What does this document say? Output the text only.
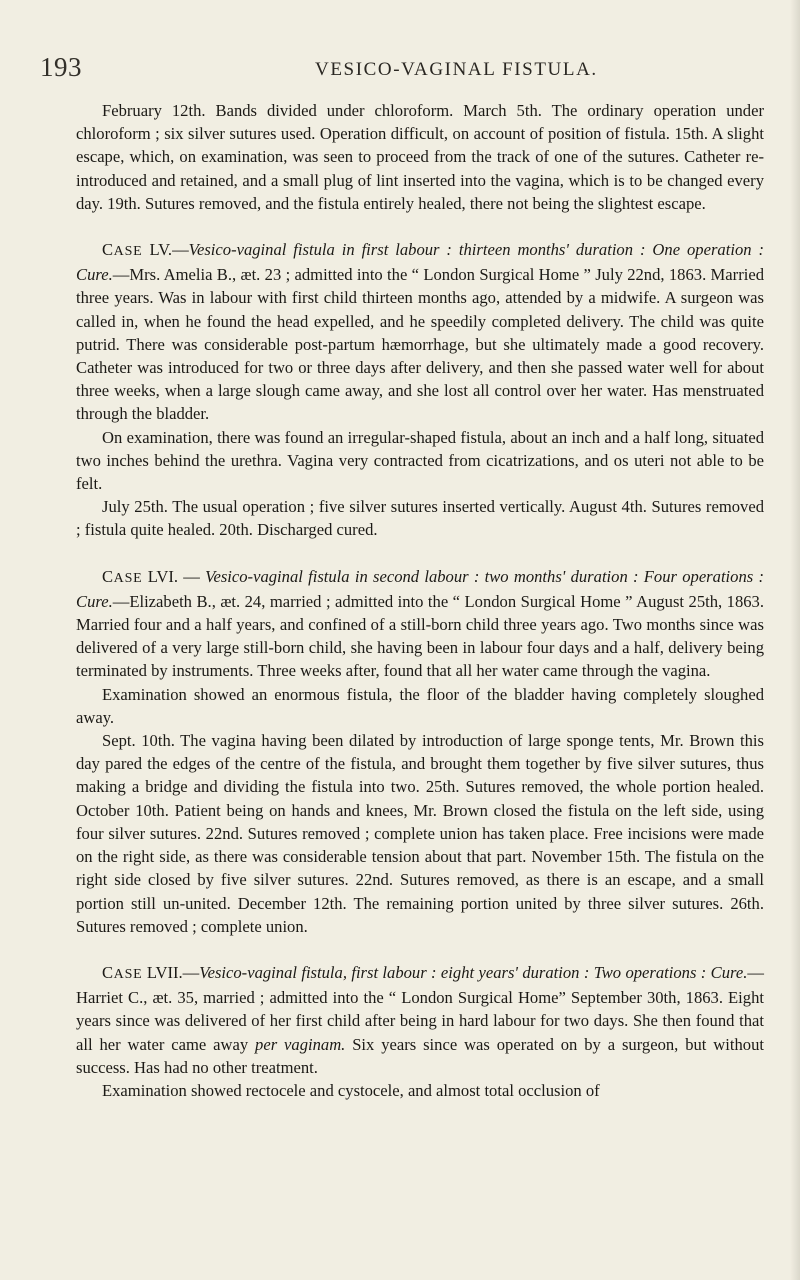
193	VESICO-VAGINAL FISTULA.

February 12th. Bands divided under chloroform. March 5th. The ordinary operation under chloroform ; six silver sutures used. Operation difficult, on account of position of fistula. 15th. A slight escape, which, on examination, was seen to proceed from the track of one of the sutures. Catheter re-introduced and retained, and a small plug of lint inserted into the vagina, which is to be changed every day. 19th. Sutures removed, and the fistula entirely healed, there not being the slightest escape.

CASE LV.—Vesico-vaginal fistula in first labour : thirteen months' duration : One operation : Cure.—Mrs. Amelia B., æt. 23 ; admitted into the “ London Surgical Home ” July 22nd, 1863. Married three years. Was in labour with first child thirteen months ago, attended by a midwife. A surgeon was called in, when he found the head expelled, and he speedily completed delivery. The child was quite putrid. There was considerable post-partum hæmorrhage, but she ultimately made a good recovery. Catheter was introduced for two or three days after delivery, and then she passed water well for about three weeks, when a large slough came away, and she lost all control over her water. Has menstruated through the bladder.

On examination, there was found an irregular-shaped fistula, about an inch and a half long, situated two inches behind the urethra. Vagina very contracted from cicatrizations, and os uteri not able to be felt.

July 25th. The usual operation ; five silver sutures inserted vertically. August 4th. Sutures removed ; fistula quite healed. 20th. Discharged cured.

CASE LVI. — Vesico-vaginal fistula in second labour : two months' duration : Four operations : Cure.—Elizabeth B., æt. 24, married ; admitted into the “ London Surgical Home ” August 25th, 1863. Married four and a half years, and confined of a still-born child three years ago. Two months since was delivered of a very large still-born child, she having been in labour four days and a half, delivery being terminated by instruments. Three weeks after, found that all her water came through the vagina.

Examination showed an enormous fistula, the floor of the bladder having completely sloughed away.

Sept. 10th. The vagina having been dilated by introduction of large sponge tents, Mr. Brown this day pared the edges of the centre of the fistula, and brought them together by five silver sutures, thus making a bridge and dividing the fistula into two. 25th. Sutures removed, the whole portion healed. October 10th. Patient being on hands and knees, Mr. Brown closed the fistula on the left side, using four silver sutures. 22nd. Sutures removed ; complete union has taken place. Free incisions were made on the right side, as there was considerable tension about that part. November 15th. The fistula on the right side closed by five silver sutures. 22nd. Sutures removed, as there is an escape, and a small portion still un-united. December 12th. The remaining portion united by three silver sutures. 26th. Sutures removed ; complete union.

CASE LVII.—Vesico-vaginal fistula, first labour : eight years' duration : Two operations : Cure.—Harriet C., æt. 35, married ; admitted into the “ London Surgical Home” September 30th, 1863. Eight years since was delivered of her first child after being in hard labour for two days. She then found that all her water came away per vaginam. Six years since was operated on by a surgeon, but without success. Has had no other treatment.

Examination showed rectocele and cystocele, and almost total occlusion of
